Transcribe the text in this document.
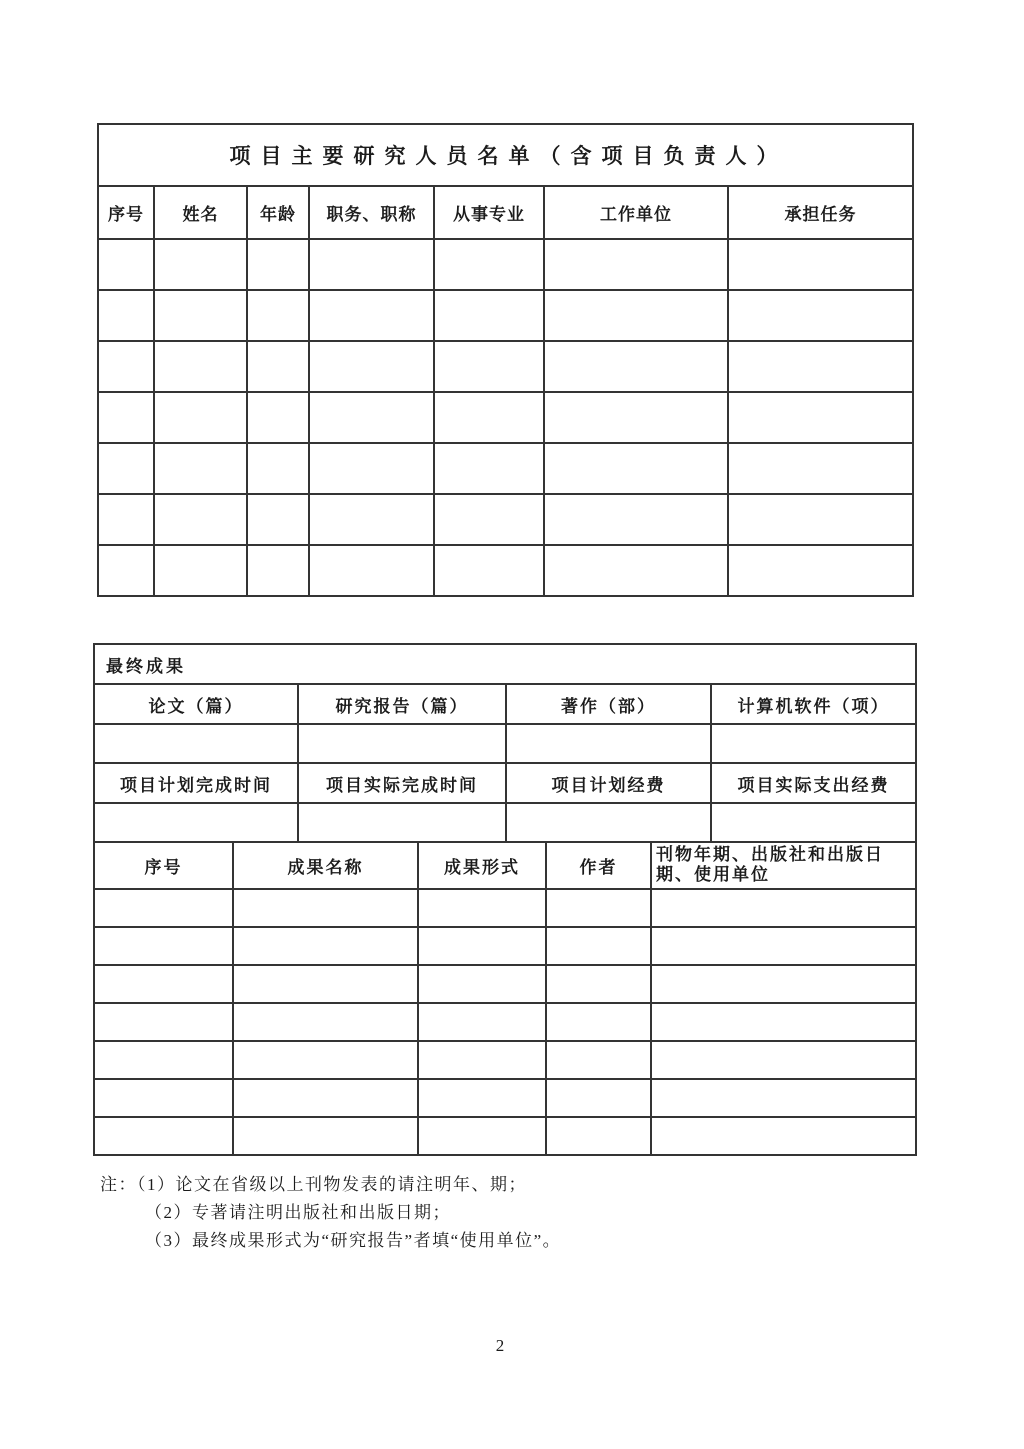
项目主要研究人员名单（含项目负责人）						
序号	姓名	年龄	职务、职称	从事专业	工作单位	承担任务

最终成果							
论文（篇）		研究报告（篇）		著作（部）			计算机软件（项）

项目计划完成时间		项目实际完成时间		项目计划经费			项目实际支出经费

序号	成果名称		成果形式		作者	刊物年期、出版社和出版日期、使用单位	

注：（1）论文在省级以上刊物发表的请注明年、期；
（2）专著请注明出版社和出版日期；
（3）最终成果形式为“研究报告”者填“使用单位”。
2
